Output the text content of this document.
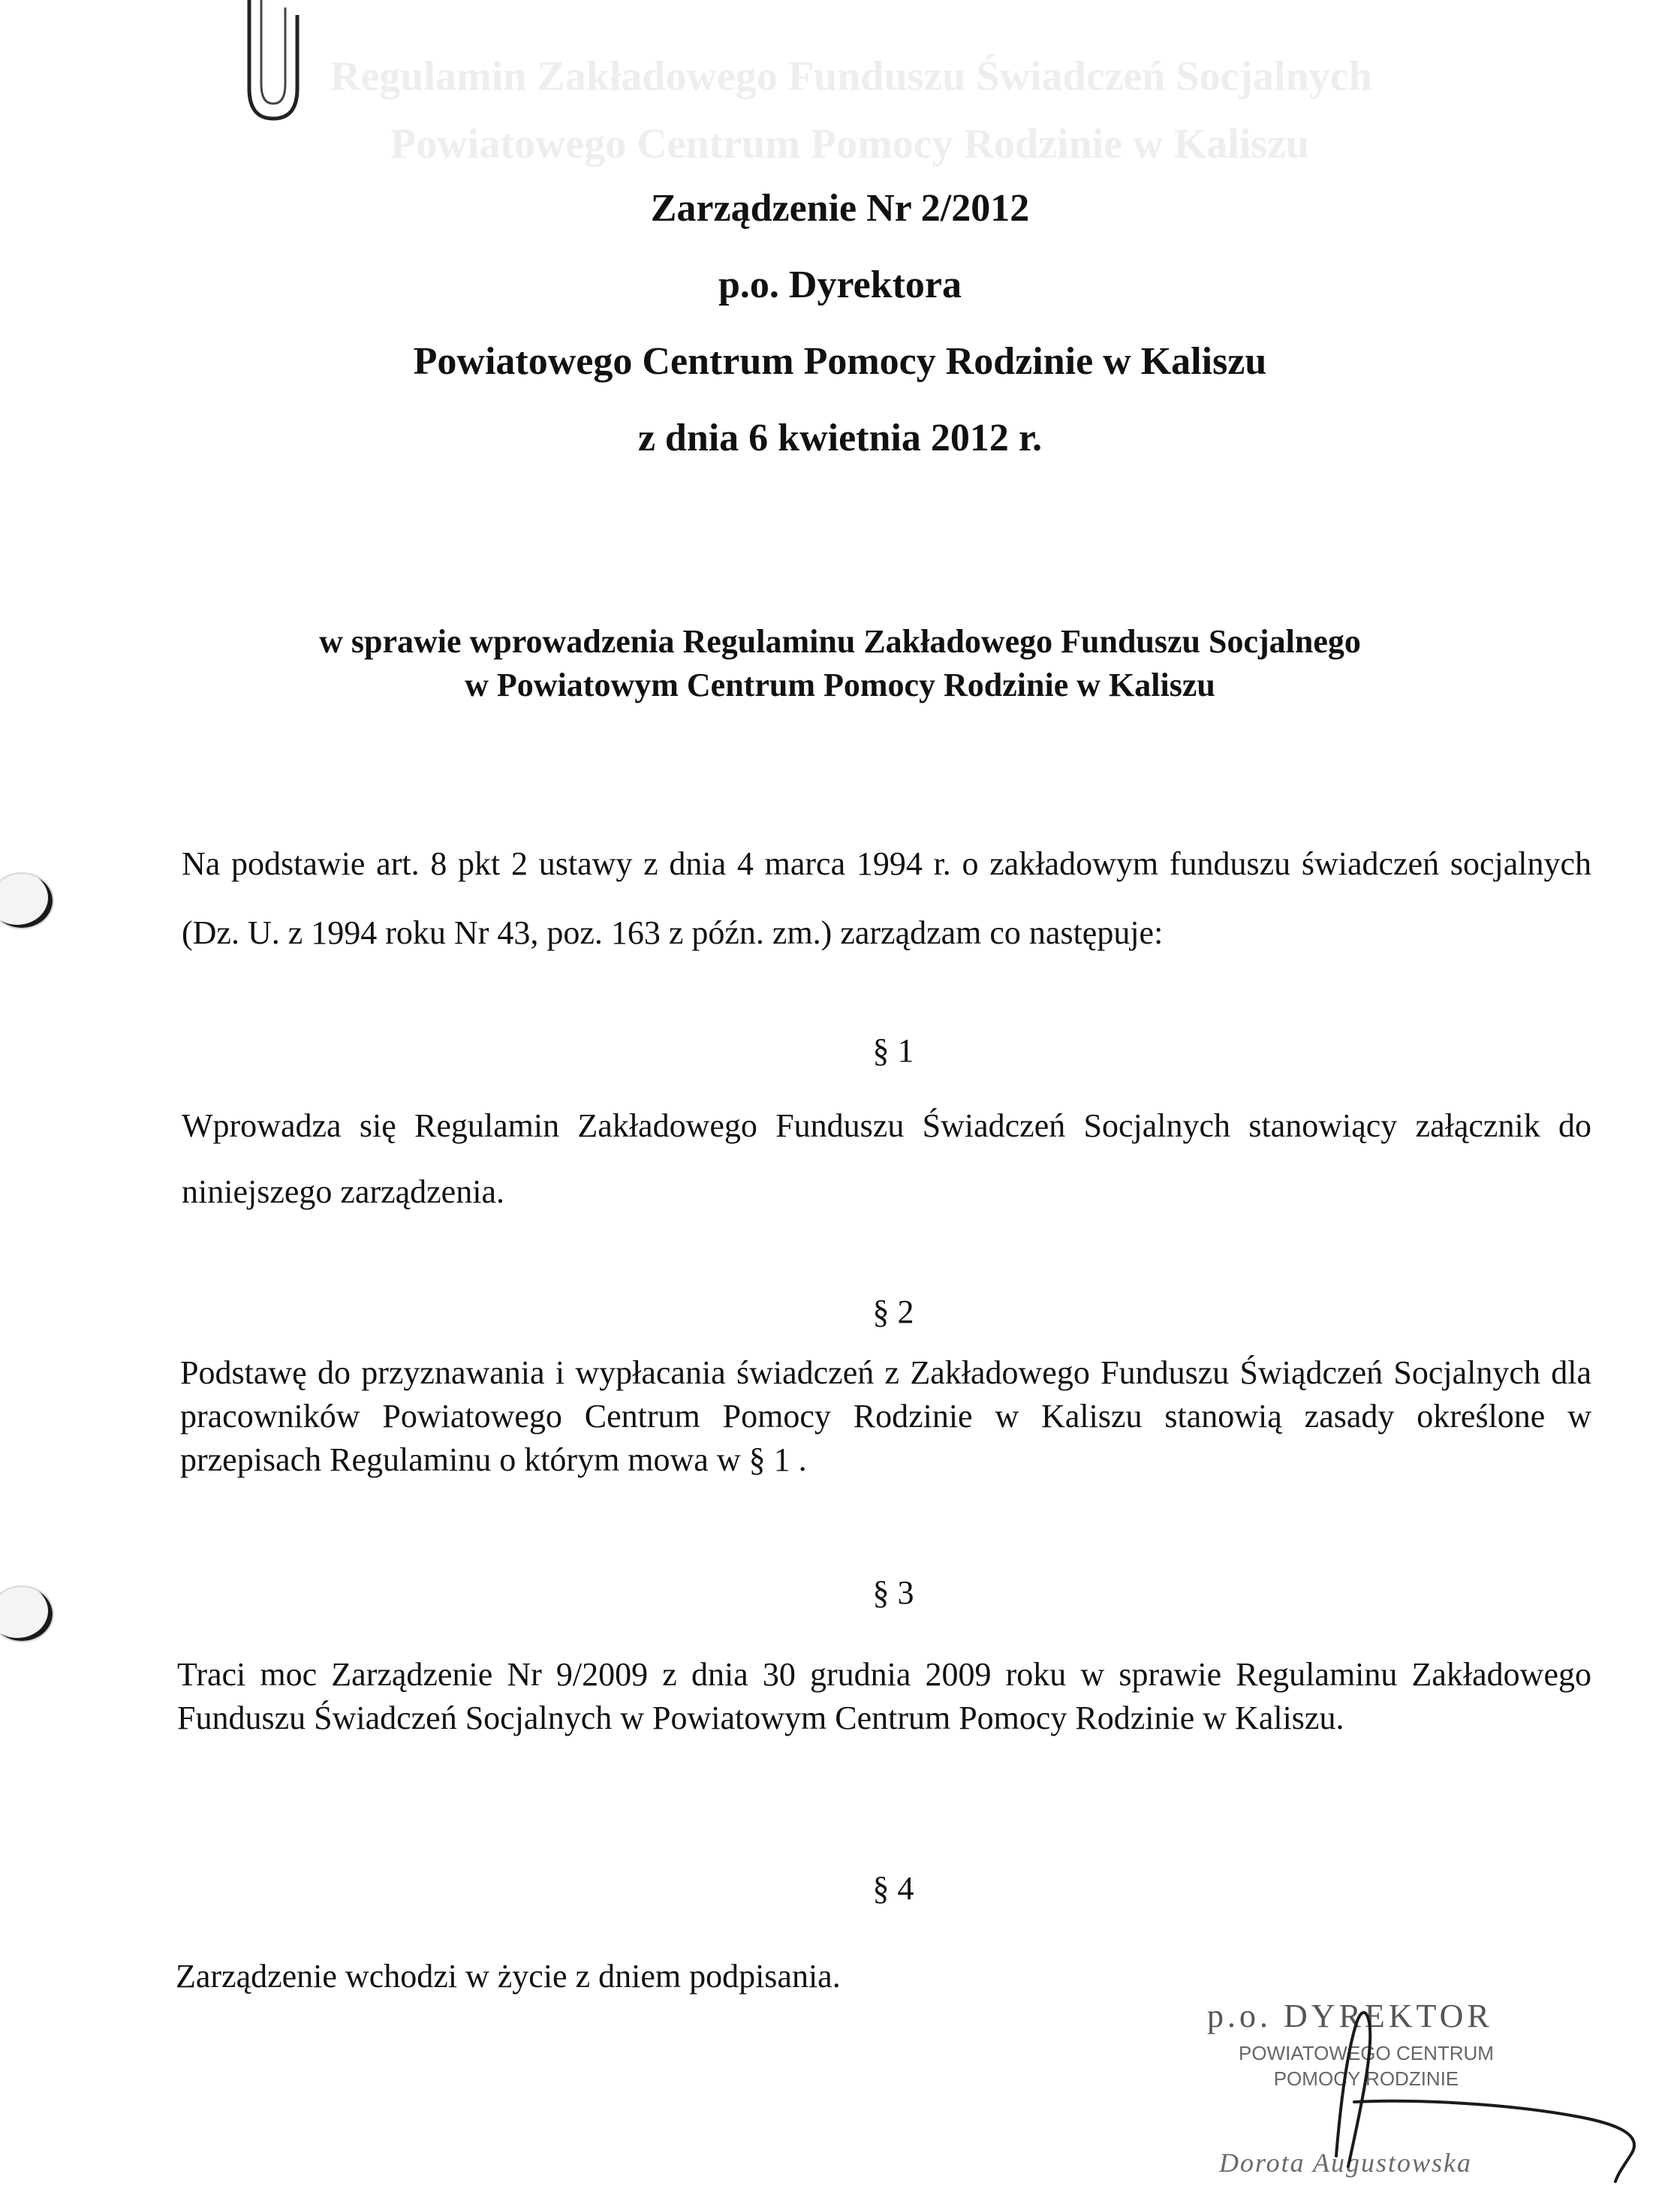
Regulamin Zakładowego Funduszu Świadczeń Socjalnych
Powiatowego Centrum Pomocy Rodzinie w Kaliszu
Zarządzenie Nr 2/2012
p.o. Dyrektora
Powiatowego Centrum Pomocy Rodzinie w Kaliszu
z dnia 6 kwietnia 2012 r.
w sprawie wprowadzenia Regulaminu Zakładowego Funduszu Socjalnego
w Powiatowym Centrum Pomocy Rodzinie w Kaliszu
Na podstawie art. 8 pkt 2 ustawy z dnia 4 marca 1994 r. o zakładowym funduszu świadczeń socjalnych (Dz. U. z 1994 roku Nr 43, poz. 163 z późn. zm.) zarządzam co następuje:
§ 1
Wprowadza się Regulamin Zakładowego Funduszu Świadczeń Socjalnych stanowiący załącznik do niniejszego zarządzenia.
§ 2
Podstawę do przyznawania i wypłacania świadczeń z Zakładowego Funduszu Świądczeń Socjalnych dla pracowników Powiatowego Centrum Pomocy Rodzinie w Kaliszu stanowią zasady określone w przepisach Regulaminu o którym mowa w § 1 .
§ 3
Traci moc Zarządzenie Nr 9/2009 z dnia 30 grudnia 2009 roku w sprawie Regulaminu Zakładowego Funduszu Świadczeń Socjalnych w Powiatowym Centrum Pomocy Rodzinie w Kaliszu.
§ 4
Zarządzenie wchodzi w życie z dniem podpisania.
p.o. DYREKTOR
POWIATOWEGO CENTRUM
POMOCY RODZINIE
Dorota Augustowska
